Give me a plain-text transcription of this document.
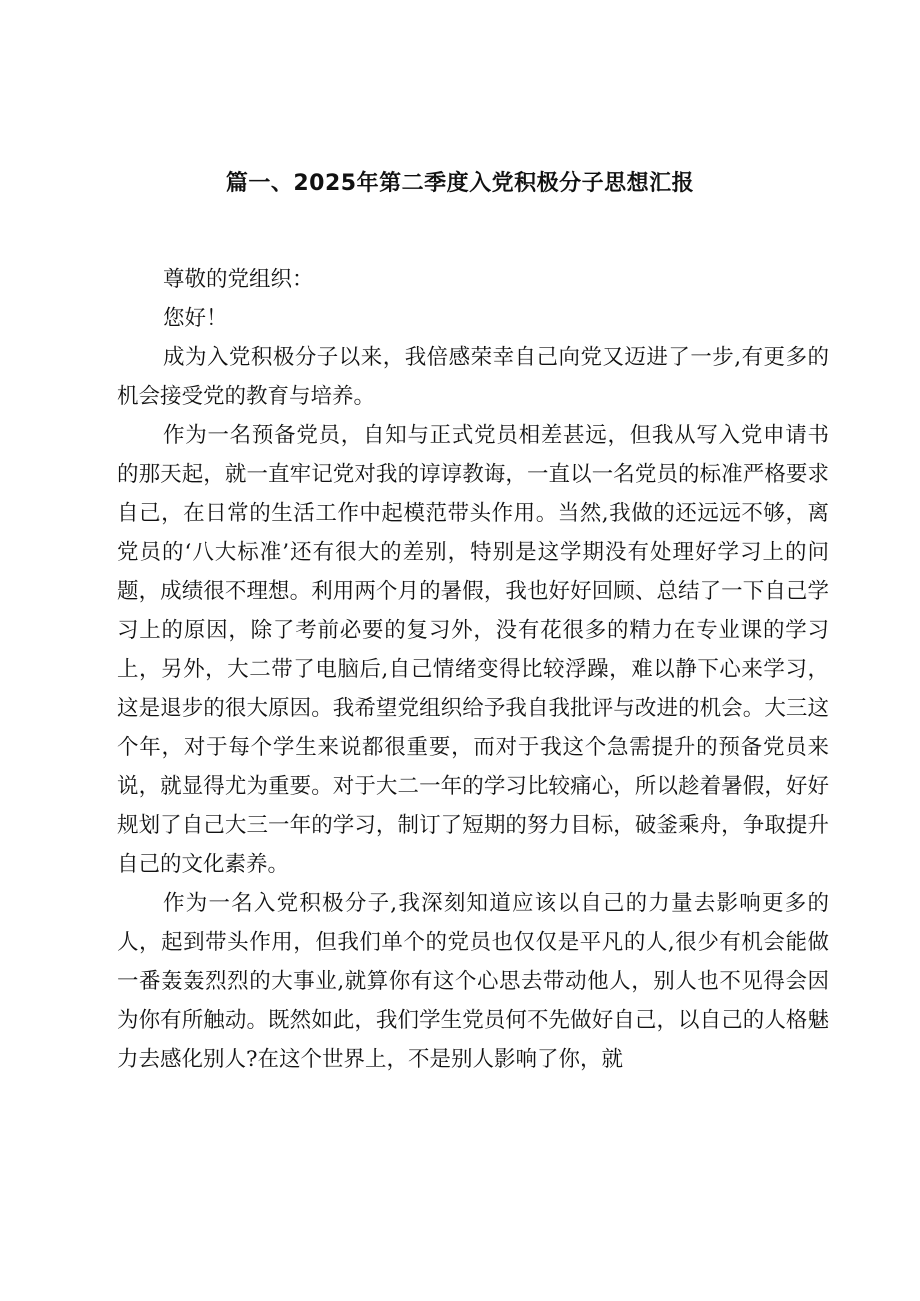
篇一、2025年第二季度入党积极分子思想汇报

尊敬的党组织：

您好！

成为入党积极分子以来，我倍感荣幸自己向党又迈进了一步,有更多的机会接受党的教育与培养。

作为一名预备党员，自知与正式党员相差甚远，但我从写入党申请书的那天起，就一直牢记党对我的谆谆教诲，一直以一名党员的标准严格要求自己，在日常的生活工作中起模范带头作用。当然,我做的还远远不够，离党员的‘八大标准’还有很大的差别，特别是这学期没有处理好学习上的问题，成绩很不理想。利用两个月的暑假，我也好好回顾、总结了一下自己学习上的原因，除了考前必要的复习外，没有花很多的精力在专业课的学习上，另外，大二带了电脑后,自己情绪变得比较浮躁，难以静下心来学习，这是退步的很大原因。我希望党组织给予我自我批评与改进的机会。大三这个年，对于每个学生来说都很重要，而对于我这个急需提升的预备党员来说，就显得尤为重要。对于大二一年的学习比较痛心，所以趁着暑假，好好规划了自己大三一年的学习，制订了短期的努力目标，破釜乘舟，争取提升自己的文化素养。

作为一名入党积极分子,我深刻知道应该以自己的力量去影响更多的人，起到带头作用，但我们单个的党员也仅仅是平凡的人,很少有机会能做一番轰轰烈烈的大事业,就算你有这个心思去带动他人，别人也不见得会因为你有所触动。既然如此，我们学生党员何不先做好自己，以自己的人格魅力去感化别人?在这个世界上，不是别人影响了你，就
